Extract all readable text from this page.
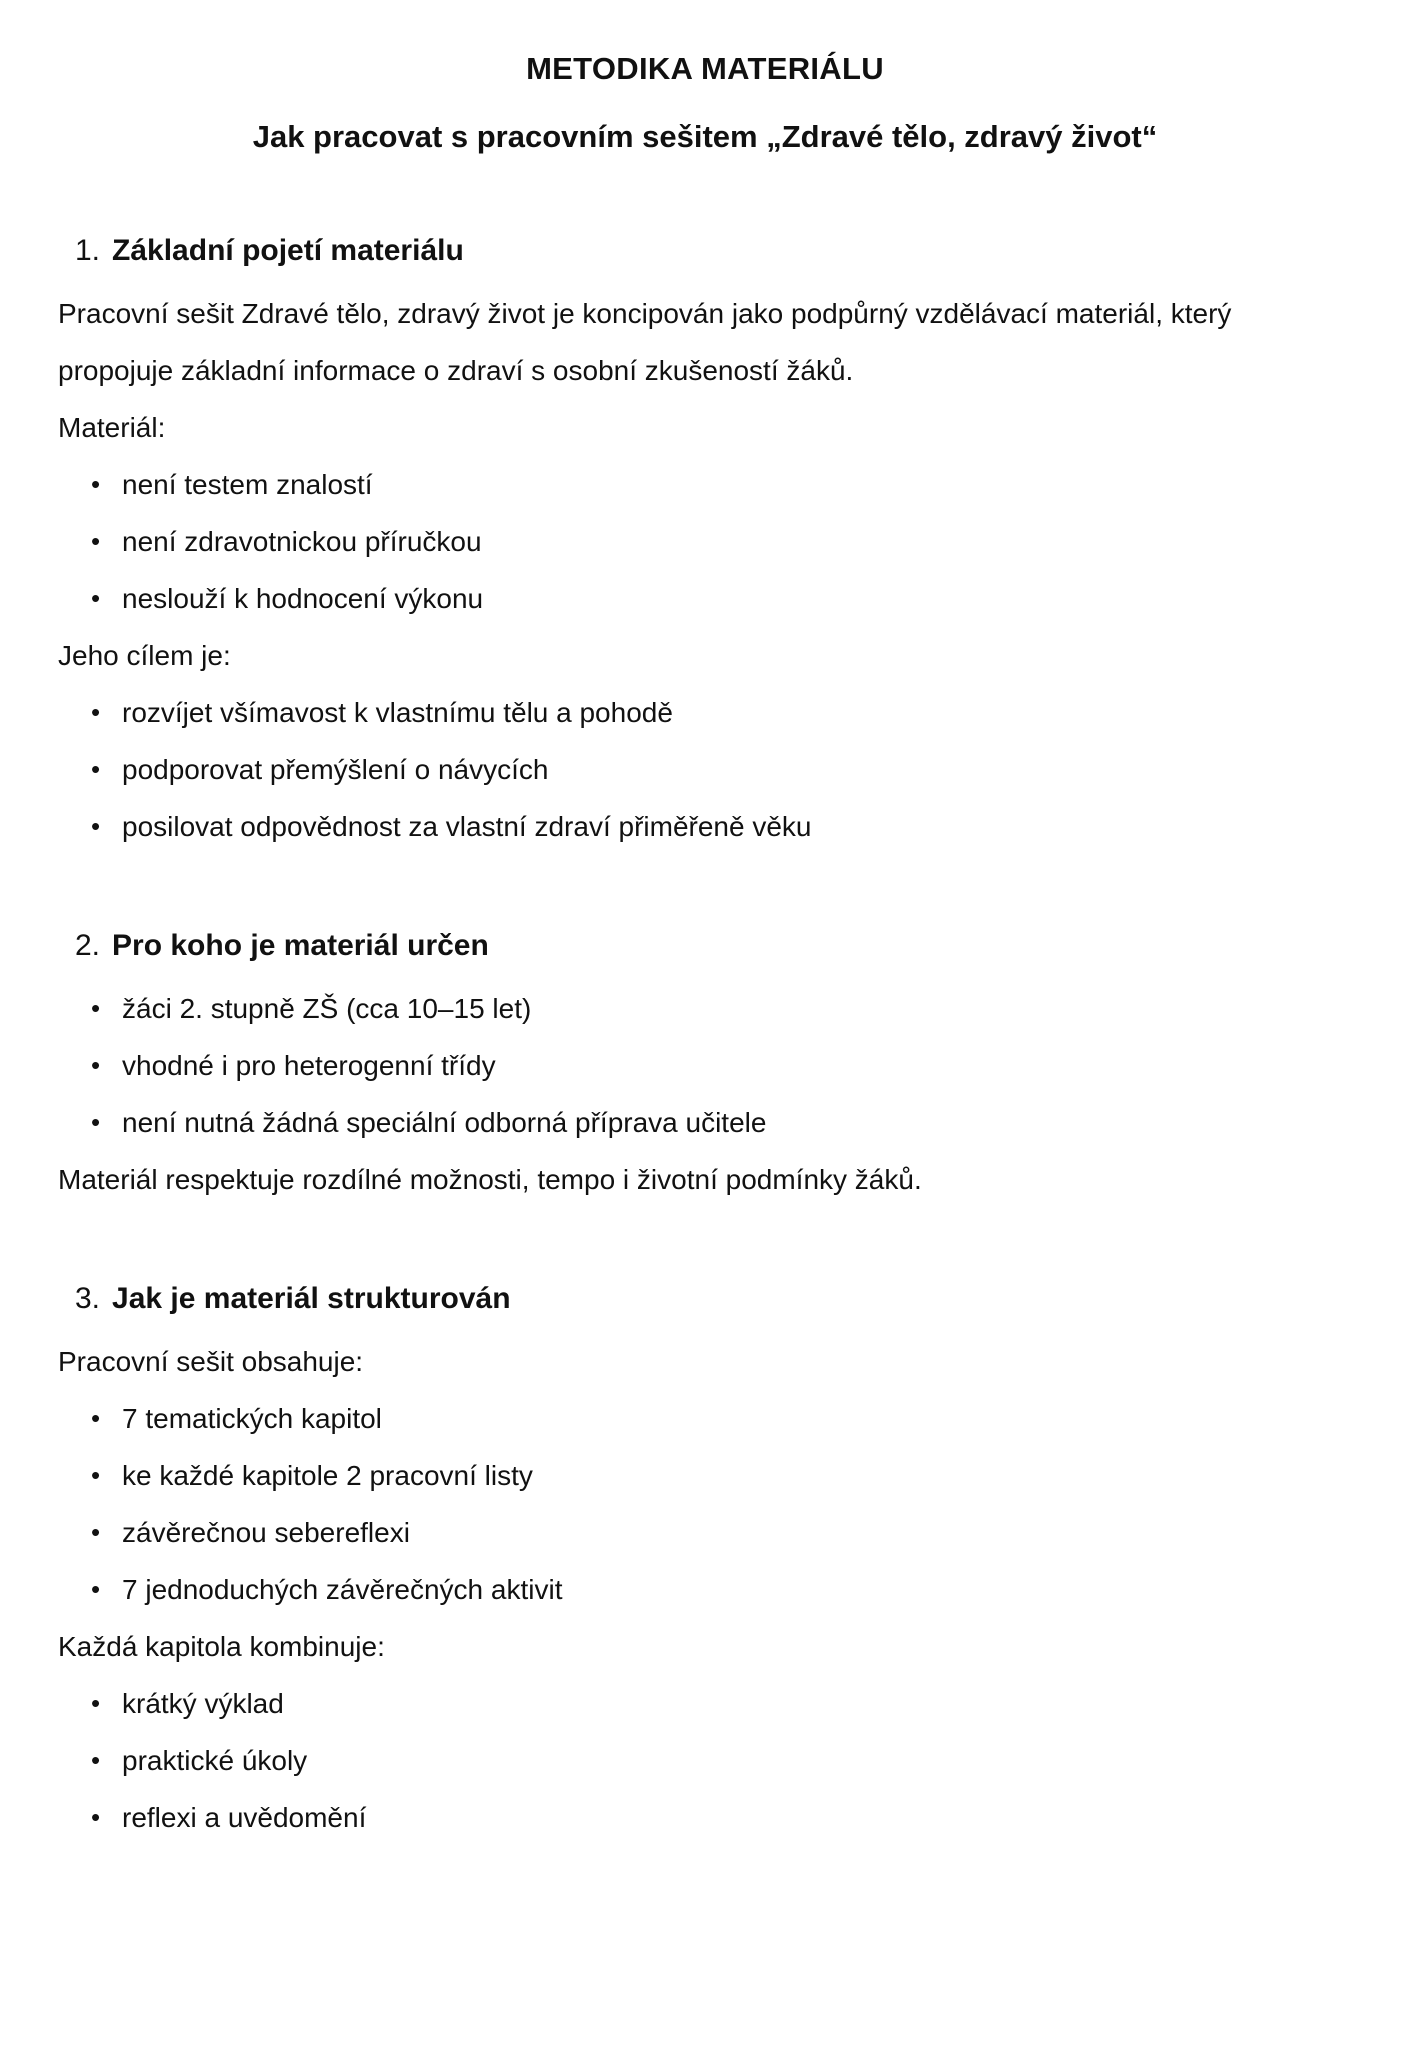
METODIKA MATERIÁLU

Jak pracovat s pracovním sešitem „Zdravé tělo, zdravý život“

1. Základní pojetí materiálu

Pracovní sešit Zdravé tělo, zdravý život je koncipován jako podpůrný vzdělávací materiál, který propojuje základní informace o zdraví s osobní zkušeností žáků.

Materiál:

• není testem znalostí
• není zdravotnickou příručkou
• neslouží k hodnocení výkonu

Jeho cílem je:

• rozvíjet všímavost k vlastnímu tělu a pohodě
• podporovat přemýšlení o návycích
• posilovat odpovědnost za vlastní zdraví přiměřeně věku
2. Pro koho je materiál určen
• žáci 2. stupně ZŠ (cca 10–15 let)
• vhodné i pro heterogenní třídy
• není nutná žádná speciální odborná příprava učitele

Materiál respektuje rozdílné možnosti, tempo i životní podmínky žáků.

3. Jak je materiál strukturován

Pracovní sešit obsahuje:

• 7 tematických kapitol
• ke každé kapitole 2 pracovní listy
• závěrečnou sebereflexi
• 7 jednoduchých závěrečných aktivit

Každá kapitola kombinuje:

• krátký výklad
• praktické úkoly
• reflexi a uvědomění
